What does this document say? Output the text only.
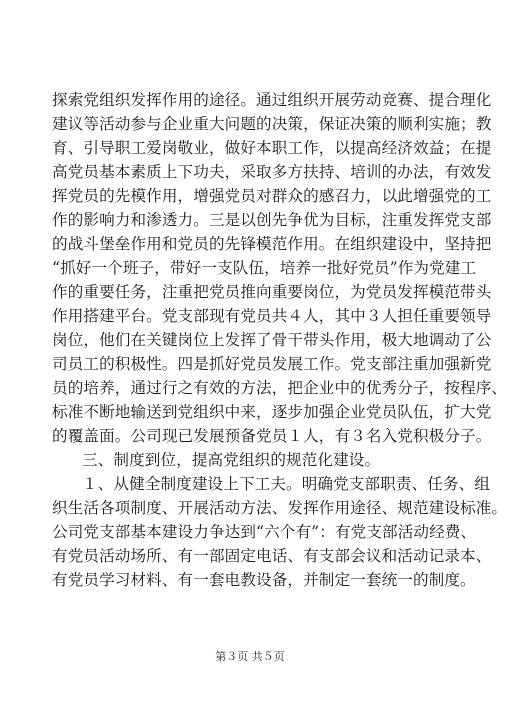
探索党组织发挥作用的途径。通过组织开展劳动竞赛、提合理化
建议等活动参与企业重大问题的决策，保证决策的顺利实施；教
育、引导职工爱岗敬业，做好本职工作，以提高经济效益；在提
高党员基本素质上下功夫，采取多方扶持、培训的办法，有效发
挥党员的先模作用，增强党员对群众的感召力，以此增强党的工
作的影响力和渗透力。三是以创先争优为目标，注重发挥党支部
的战斗堡垒作用和党员的先锋模范作用。在组织建设中，坚持把
“抓好一个班子，带好一支队伍，培养一批好党员”作为党建工
作的重要任务，注重把党员推向重要岗位，为党员发挥模范带头
作用搭建平台。党支部现有党员共４人，其中３人担任重要领导
岗位，他们在关键岗位上发挥了骨干带头作用，极大地调动了公
司员工的积极性。四是抓好党员发展工作。党支部注重加强新党
员的培养，通过行之有效的方法，把企业中的优秀分子，按程序、
标准不断地输送到党组织中来，逐步加强企业党员队伍，扩大党
的覆盖面。公司现已发展预备党员１人，有３名入党积极分子。
三、制度到位，提高党组织的规范化建设。
１、从健全制度建设上下工夫。明确党支部职责、任务、组
织生活各项制度、开展活动方法、发挥作用途径、规范建设标准。
公司党支部基本建设力争达到“六个有”：有党支部活动经费、
有党员活动场所、有一部固定电话、有支部会议和活动记录本、
有党员学习材料、有一套电教设备，并制定一套统一的制度。
第３页 共５页
